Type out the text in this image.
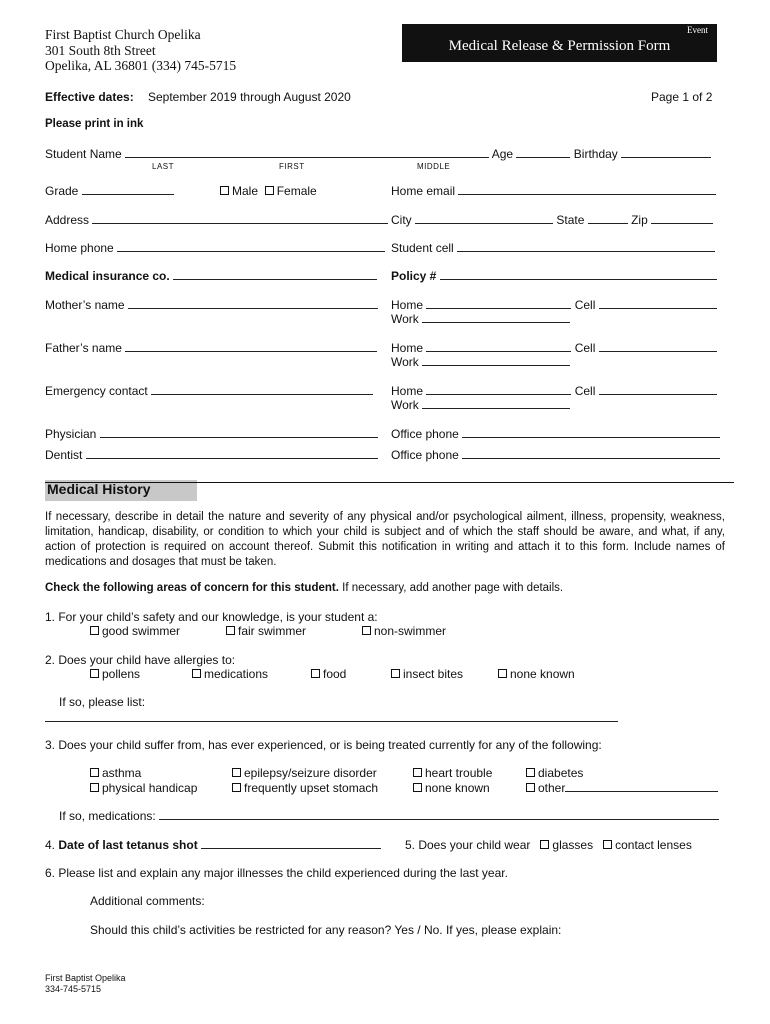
First Baptist Church Opelika
301 South 8th Street
Opelika, AL 36801 (334) 745-5715
Event
Medical Release & Permission Form
Effective dates: September 2019 through August 2020	Page 1 of 2
Please print in ink
Student Name	Age	Birthday
LAST	FIRST	MIDDLE
Grade	Male Female	Home email
Address	City	State	Zip
Home phone	Student cell
Medical insurance co.	Policy #
Mother’s name	Home	Cell
Work
Father’s name	Home	Cell
Work
Emergency contact	Home	Cell
Work
Physician	Office phone
Dentist	Office phone
Medical History
If necessary, describe in detail the nature and severity of any physical and/or psychological ailment, illness, propensity, weakness, limitation, handicap, disability, or condition to which your child is subject and of which the staff should be aware, and what, if any, action of protection is required on account thereof. Submit this notification in writing and attach it to this form. Include names of medications and dosages that must be taken.
Check the following areas of concern for this student. If necessary, add another page with details.
1. For your child’s safety and our knowledge, is your student a:
good swimmer	fair swimmer	non-swimmer
2. Does your child have allergies to:
pollens	medications	food	insect bites	none known
If so, please list:
3. Does your child suffer from, has ever experienced, or is being treated currently for any of the following:
asthma	epilepsy/seizure disorder	heart trouble	diabetes
physical handicap	frequently upset stomach	none known	other
If so, medications:
4. Date of last tetanus shot	5. Does your child wear glasses contact lenses
6. Please list and explain any major illnesses the child experienced during the last year.
Additional comments:
Should this child’s activities be restricted for any reason? Yes / No. If yes, please explain:
First Baptist Opelika
334-745-5715
